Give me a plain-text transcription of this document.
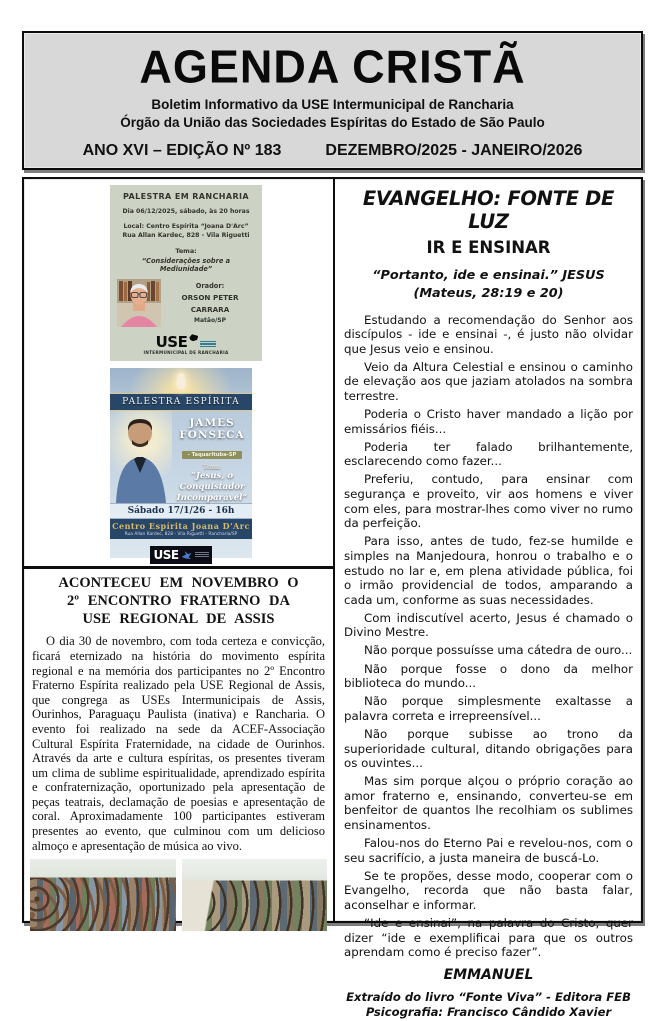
AGENDA CRISTÃ
Boletim Informativo da USE Intermunicipal de Rancharia
Órgão da União das Sociedades Espíritas do Estado de São Paulo
ANO XVI – EDIÇÃO Nº 183	DEZEMBRO/2025 - JANEIRO/2026
PALESTRA EM RANCHARIA
Dia 06/12/2025, sábado, às 20 horas
Local: Centro Espírita “Joana D'Arc”
Rua Allan Kardec, 828 - Vila Riguetti
Tema:
“Considerações sobre a Mediunidade”
Orador:
ORSON PETER
CARRARA
Matão/SP
USE
INTERMUNICIPAL DE RANCHARIA
PALESTRA ESPÍRITA
JAMES
FONSECA
- Taquarituba-SP
Tema:
“Jesus, o
Conquistador
Incomparável”
Sábado 17/1/26 - 16h
Centro Espírita Joana D'Arc
Rua Allan Kardec, 828 - Vila Riguetti - Rancharia/SP
USE
ACONTECEU EM NOVEMBRO O
2º ENCONTRO FRATERNO DA
USE REGIONAL DE ASSIS
O dia 30 de novembro, com toda certeza e convicção, ficará eternizado na história do movimento espírita regional e na memória dos participantes no 2º Encontro Fraterno Espírita realizado pela USE Regional de Assis, que congrega as USEs Intermunicipais de Assis, Ourinhos, Paraguaçu Paulista (inativa) e Rancharia. O evento foi realizado na sede da ACEF-Associação Cultural Espírita Fraternidade, na cidade de Ourinhos. Através da arte e cultura espíritas, os presentes tiveram um clima de sublime espiritualidade, aprendizado espírita e confraternização, oportunizado pela apresentação de peças teatrais, declamação de poesias e apresentação de coral. Aproximadamente 100 participantes estiveram presentes ao evento, que culminou com um delicioso almoço e apresentação de música ao vivo.
EVANGELHO: FONTE DE LUZ
IR E ENSINAR
“Portanto, ide e ensinai.” JESUS
(Mateus, 28:19 e 20)

Estudando a recomendação do Senhor aos discípulos - ide e ensinai -, é justo não olvidar que Jesus veio e ensinou.

Veio da Altura Celestial e ensinou o caminho de elevação aos que jaziam atolados na sombra terrestre.

Poderia o Cristo haver mandado a lição por emissários fiéis...

Poderia ter falado brilhantemente, esclarecendo como fazer...

Preferiu, contudo, para ensinar com segurança e proveito, vir aos homens e viver com eles, para mostrar-lhes como viver no rumo da perfeição.

Para isso, antes de tudo, fez-se humilde e simples na Manjedoura, honrou o trabalho e o estudo no lar e, em plena atividade pública, foi o irmão providencial de todos, amparando a cada um, conforme as suas necessidades.

Com indiscutível acerto, Jesus é chamado o Divino Mestre.

Não porque possuísse uma cátedra de ouro...

Não porque fosse o dono da melhor biblioteca do mundo...

Não porque simplesmente exaltasse a palavra correta e irrepreensível...

Não porque subisse ao trono da superioridade cultural, ditando obrigações para os ouvintes...

Mas sim porque alçou o próprio coração ao amor fraterno e, ensinando, converteu-se em benfeitor de quantos lhe recolhiam os sublimes ensinamentos.

Falou-nos do Eterno Pai e revelou-nos, com o seu sacrifício, a justa maneira de buscá-Lo.

Se te propões, desse modo, cooperar com o Evangelho, recorda que não basta falar, aconselhar e informar.

“Ide e ensinai”, na palavra do Cristo, quer dizer “ide e exemplificai para que os outros aprendam como é preciso fazer”.

EMMANUEL
Extraído do livro “Fonte Viva” - Editora FEB
Psicografia: Francisco Cândido Xavier
